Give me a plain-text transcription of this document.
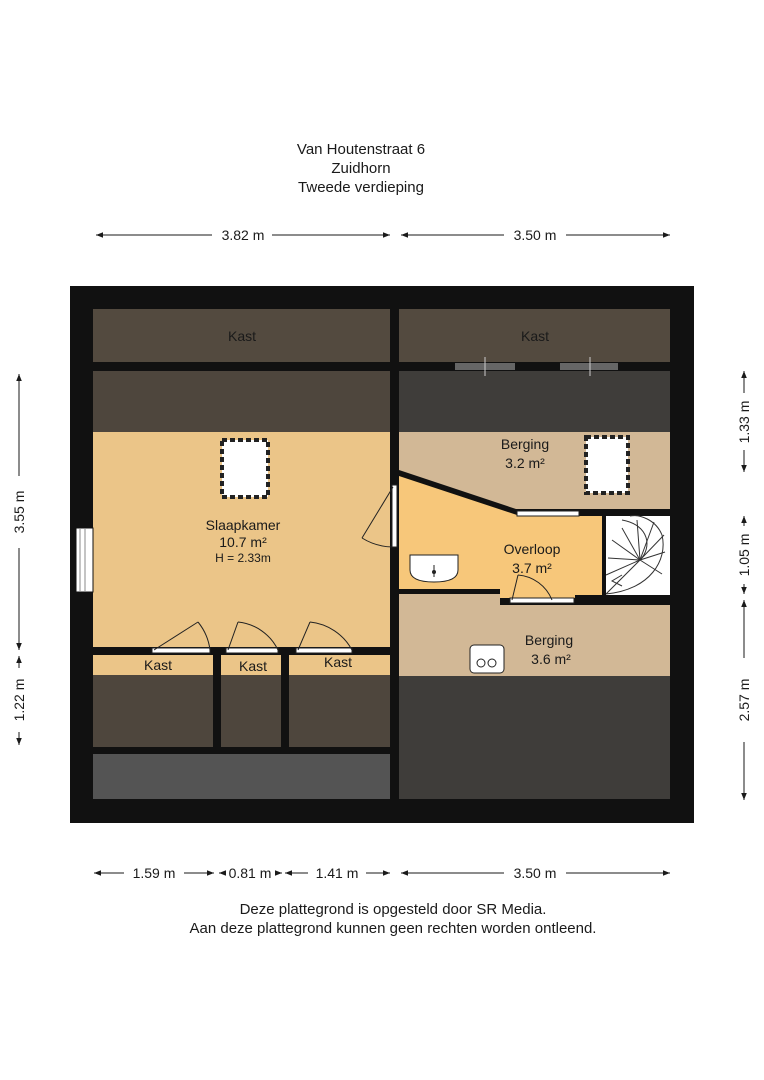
Van Houtenstraat 6
Zuidhorn
Tweede verdieping
Kast	Kast
Slaapkamer
10.7 m²
H = 2.33m
Berging
3.2 m²
Overloop
3.7 m²
Berging
3.6 m²
Kast	Kast	Kast
3.82 m	3.50 m
1.59 m	0.81 m	1.41 m	3.50 m
3.55 m
1.22 m
1.33 m
1.05 m
2.57 m
Deze plattegrond is opgesteld door SR Media.
Aan deze plattegrond kunnen geen rechten worden ontleend.
